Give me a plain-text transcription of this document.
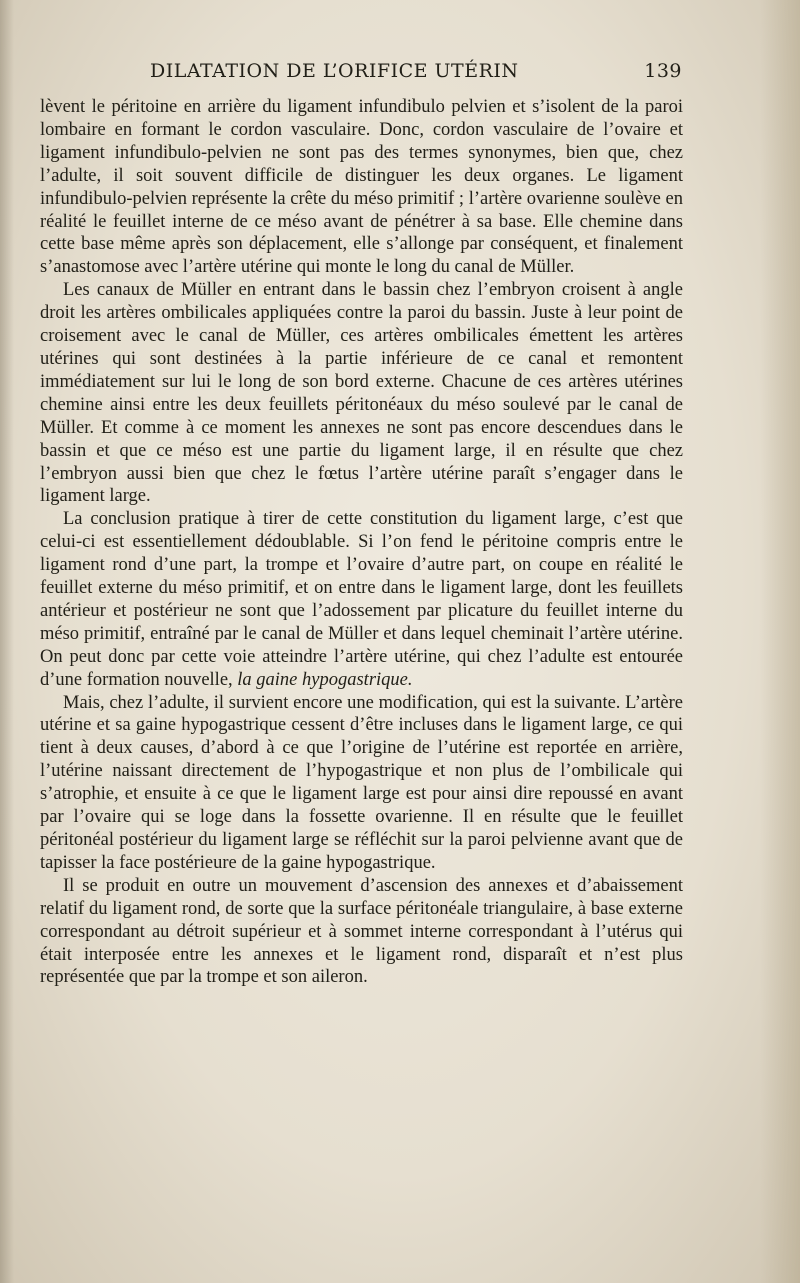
DILATATION DE L’ORIFICE UTÉRIN	139

lèvent le péritoine en arrière du ligament infundibulo pelvien et s’isolent de la paroi lombaire en formant le cordon vasculaire. Donc, cordon vasculaire de l’ovaire et ligament infundibulo-pelvien ne sont pas des termes synonymes, bien que, chez l’adulte, il soit souvent difficile de distinguer les deux organes. Le ligament infundibulo-pelvien représente la crête du méso primitif ; l’artère ovarienne soulève en réalité le feuillet interne de ce méso avant de pénétrer à sa base. Elle chemine dans cette base même après son déplacement, elle s’allonge par conséquent, et finalement s’anastomose avec l’artère utérine qui monte le long du canal de Müller.

Les canaux de Müller en entrant dans le bassin chez l’embryon croisent à angle droit les artères ombilicales appliquées contre la paroi du bassin. Juste à leur point de croisement avec le canal de Müller, ces artères ombilicales émettent les artères utérines qui sont destinées à la partie inférieure de ce canal et remontent immédiatement sur lui le long de son bord externe. Chacune de ces artères utérines chemine ainsi entre les deux feuillets péritonéaux du méso soulevé par le canal de Müller. Et comme à ce moment les annexes ne sont pas encore descendues dans le bassin et que ce méso est une partie du ligament large, il en résulte que chez l’embryon aussi bien que chez le fœtus l’artère utérine paraît s’engager dans le ligament large.

La conclusion pratique à tirer de cette constitution du ligament large, c’est que celui-ci est essentiellement dédoublable. Si l’on fend le péritoine compris entre le ligament rond d’une part, la trompe et l’ovaire d’autre part, on coupe en réalité le feuillet externe du méso primitif, et on entre dans le ligament large, dont les feuillets antérieur et postérieur ne sont que l’adossement par plicature du feuillet interne du méso primitif, entraîné par le canal de Müller et dans lequel cheminait l’artère utérine. On peut donc par cette voie atteindre l’artère utérine, qui chez l’adulte est entourée d’une formation nouvelle, la gaine hypogastrique.

Mais, chez l’adulte, il survient encore une modification, qui est la suivante. L’artère utérine et sa gaine hypogastrique cessent d’être incluses dans le ligament large, ce qui tient à deux causes, d’abord à ce que l’origine de l’utérine est reportée en arrière, l’utérine naissant directement de l’hypogastrique et non plus de l’ombilicale qui s’atrophie, et ensuite à ce que le ligament large est pour ainsi dire repoussé en avant par l’ovaire qui se loge dans la fossette ovarienne. Il en résulte que le feuillet péritonéal postérieur du ligament large se réfléchit sur la paroi pelvienne avant que de tapisser la face postérieure de la gaine hypogastrique.

Il se produit en outre un mouvement d’ascension des annexes et d’abaissement relatif du ligament rond, de sorte que la surface péritonéale triangulaire, à base externe correspondant au détroit supérieur et à sommet interne correspondant à l’utérus qui était interposée entre les annexes et le ligament rond, disparaît et n’est plus représentée que par la trompe et son aileron.
